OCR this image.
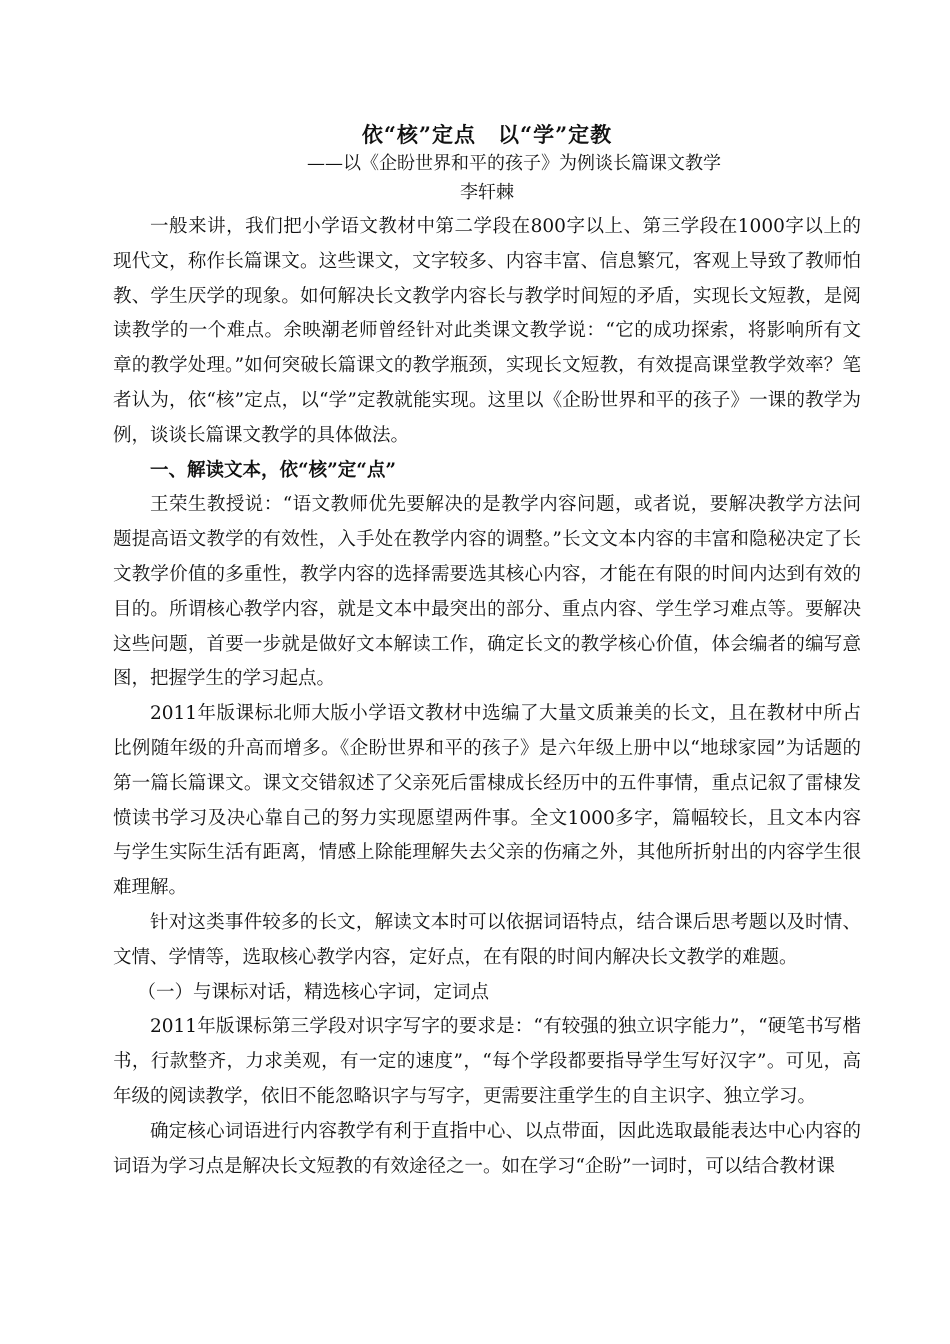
依“核”定点　以“学”定教

——以《企盼世界和平的孩子》为例谈长篇课文教学

李轩棘

一般来讲，我们把小学语文教材中第二学段在800字以上、第三学段在1000字以上的现代文，称作长篇课文。这些课文，文字较多、内容丰富、信息繁冗，客观上导致了教师怕教、学生厌学的现象。如何解决长文教学内容长与教学时间短的矛盾，实现长文短教，是阅读教学的一个难点。余映潮老师曾经针对此类课文教学说：“它的成功探索，将影响所有文章的教学处理。”如何突破长篇课文的教学瓶颈，实现长文短教，有效提高课堂教学效率？笔者认为，依“核”定点，以“学”定教就能实现。这里以《企盼世界和平的孩子》一课的教学为例，谈谈长篇课文教学的具体做法。

一、解读文本，依“核”定“点”

王荣生教授说：“语文教师优先要解决的是教学内容问题，或者说，要解决教学方法问题提高语文教学的有效性，入手处在教学内容的调整。”长文文本内容的丰富和隐秘决定了长文教学价值的多重性，教学内容的选择需要选其核心内容，才能在有限的时间内达到有效的目的。所谓核心教学内容，就是文本中最突出的部分、重点内容、学生学习难点等。要解决这些问题，首要一步就是做好文本解读工作，确定长文的教学核心价值，体会编者的编写意图，把握学生的学习起点。

2011年版课标北师大版小学语文教材中选编了大量文质兼美的长文，且在教材中所占比例随年级的升高而增多。《企盼世界和平的孩子》是六年级上册中以“地球家园”为话题的第一篇长篇课文。课文交错叙述了父亲死后雷棣成长经历中的五件事情，重点记叙了雷棣发愤读书学习及决心靠自己的努力实现愿望两件事。全文1000多字，篇幅较长，且文本内容与学生实际生活有距离，情感上除能理解失去父亲的伤痛之外，其他所折射出的内容学生很难理解。

针对这类事件较多的长文，解读文本时可以依据词语特点，结合课后思考题以及时情、文情、学情等，选取核心教学内容，定好点，在有限的时间内解决长文教学的难题。

（一）与课标对话，精选核心字词，定词点

2011年版课标第三学段对识字写字的要求是：“有较强的独立识字能力”，“硬笔书写楷书，行款整齐，力求美观，有一定的速度”，“每个学段都要指导学生写好汉字”。可见，高年级的阅读教学，依旧不能忽略识字与写字，更需要注重学生的自主识字、独立学习。

确定核心词语进行内容教学有利于直指中心、以点带面，因此选取最能表达中心内容的词语为学习点是解决长文短教的有效途径之一。如在学习“企盼”一词时，可以结合教材课
